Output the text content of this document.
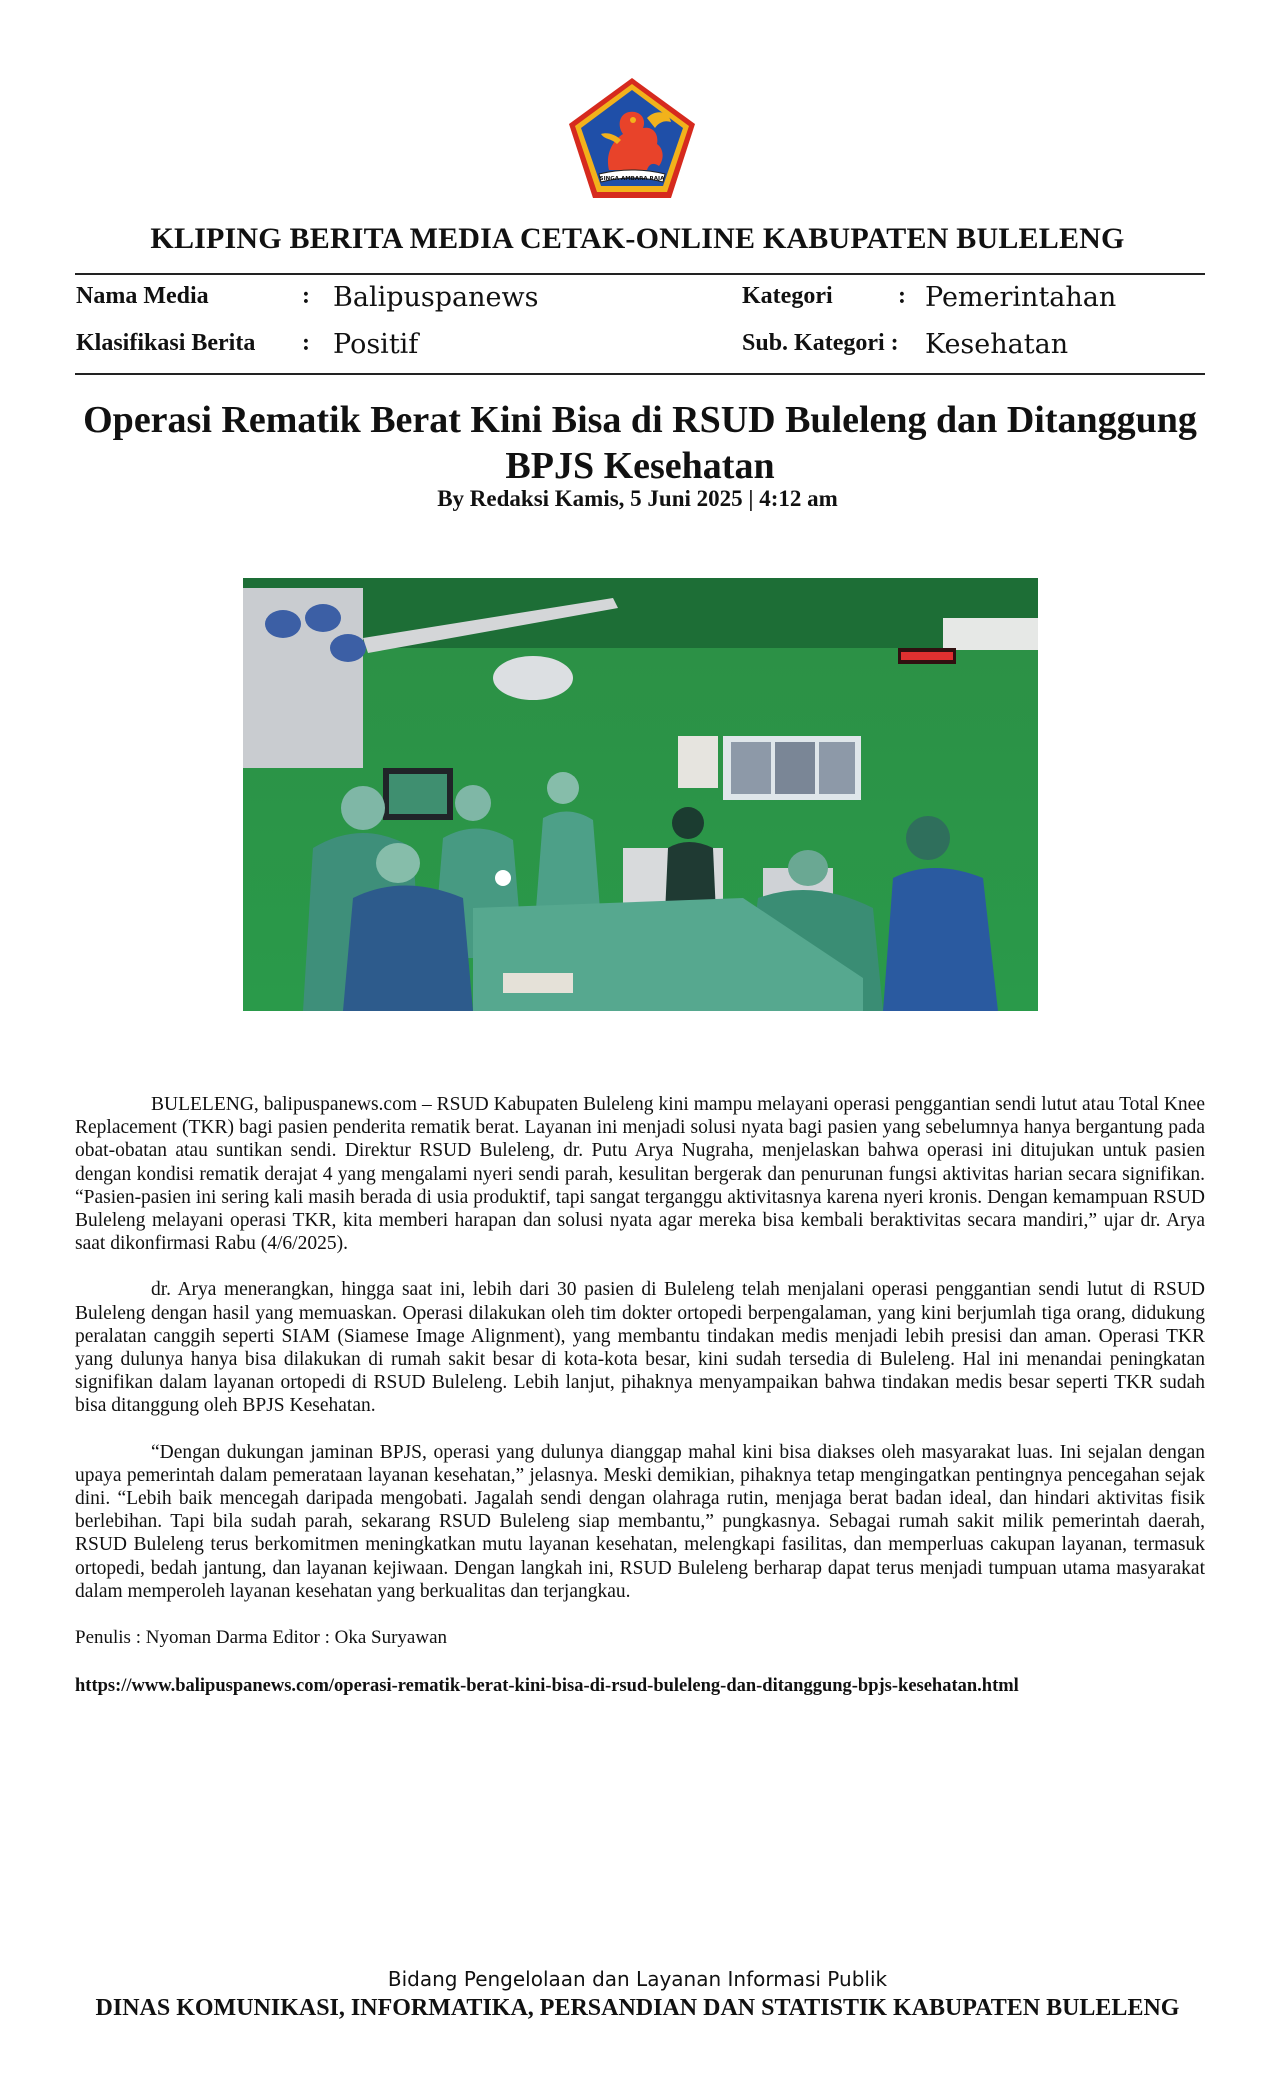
SINGA AMBARA RAJA
KLIPING BERITA MEDIA CETAK-ONLINE KABUPATEN BULELENG
Nama Media	: Balipuspanews	Kategori	: Pemerintahan
Klasifikasi Berita : Positif	Sub. Kategori : Kesehatan
Operasi Rematik Berat Kini Bisa di RSUD Buleleng dan Ditanggung BPJS Kesehatan
By Redaksi Kamis, 5 Juni 2025 | 4:12 am

BULELENG, balipuspanews.com – RSUD Kabupaten Buleleng kini mampu melayani operasi penggantian sendi lutut atau Total Knee Replacement (TKR) bagi pasien penderita rematik berat. Layanan ini menjadi solusi nyata bagi pasien yang sebelumnya hanya bergantung pada obat-obatan atau suntikan sendi. Direktur RSUD Buleleng, dr. Putu Arya Nugraha, menjelaskan bahwa operasi ini ditujukan untuk pasien dengan kondisi rematik derajat 4 yang mengalami nyeri sendi parah, kesulitan bergerak dan penurunan fungsi aktivitas harian secara signifikan. “Pasien-pasien ini sering kali masih berada di usia produktif, tapi sangat terganggu aktivitasnya karena nyeri kronis. Dengan kemampuan RSUD Buleleng melayani operasi TKR, kita memberi harapan dan solusi nyata agar mereka bisa kembali beraktivitas secara mandiri,” ujar dr. Arya saat dikonfirmasi Rabu (4/6/2025).

dr. Arya menerangkan, hingga saat ini, lebih dari 30 pasien di Buleleng telah menjalani operasi penggantian sendi lutut di RSUD Buleleng dengan hasil yang memuaskan. Operasi dilakukan oleh tim dokter ortopedi berpengalaman, yang kini berjumlah tiga orang, didukung peralatan canggih seperti SIAM (Siamese Image Alignment), yang membantu tindakan medis menjadi lebih presisi dan aman. Operasi TKR yang dulunya hanya bisa dilakukan di rumah sakit besar di kota-kota besar, kini sudah tersedia di Buleleng. Hal ini menandai peningkatan signifikan dalam layanan ortopedi di RSUD Buleleng. Lebih lanjut, pihaknya menyampaikan bahwa tindakan medis besar seperti TKR sudah bisa ditanggung oleh BPJS Kesehatan.

“Dengan dukungan jaminan BPJS, operasi yang dulunya dianggap mahal kini bisa diakses oleh masyarakat luas. Ini sejalan dengan upaya pemerintah dalam pemerataan layanan kesehatan,” jelasnya. Meski demikian, pihaknya tetap mengingatkan pentingnya pencegahan sejak dini. “Lebih baik mencegah daripada mengobati. Jagalah sendi dengan olahraga rutin, menjaga berat badan ideal, dan hindari aktivitas fisik berlebihan. Tapi bila sudah parah, sekarang RSUD Buleleng siap membantu,” pungkasnya. Sebagai rumah sakit milik pemerintah daerah, RSUD Buleleng terus berkomitmen meningkatkan mutu layanan kesehatan, melengkapi fasilitas, dan memperluas cakupan layanan, termasuk ortopedi, bedah jantung, dan layanan kejiwaan. Dengan langkah ini, RSUD Buleleng berharap dapat terus menjadi tumpuan utama masyarakat dalam memperoleh layanan kesehatan yang berkualitas dan terjangkau.

Penulis : Nyoman Darma Editor : Oka Suryawan
https://www.balipuspanews.com/operasi-rematik-berat-kini-bisa-di-rsud-buleleng-dan-ditanggung-bpjs-kesehatan.html
Bidang Pengelolaan dan Layanan Informasi Publik
DINAS KOMUNIKASI, INFORMATIKA, PERSANDIAN DAN STATISTIK KABUPATEN BULELENG
